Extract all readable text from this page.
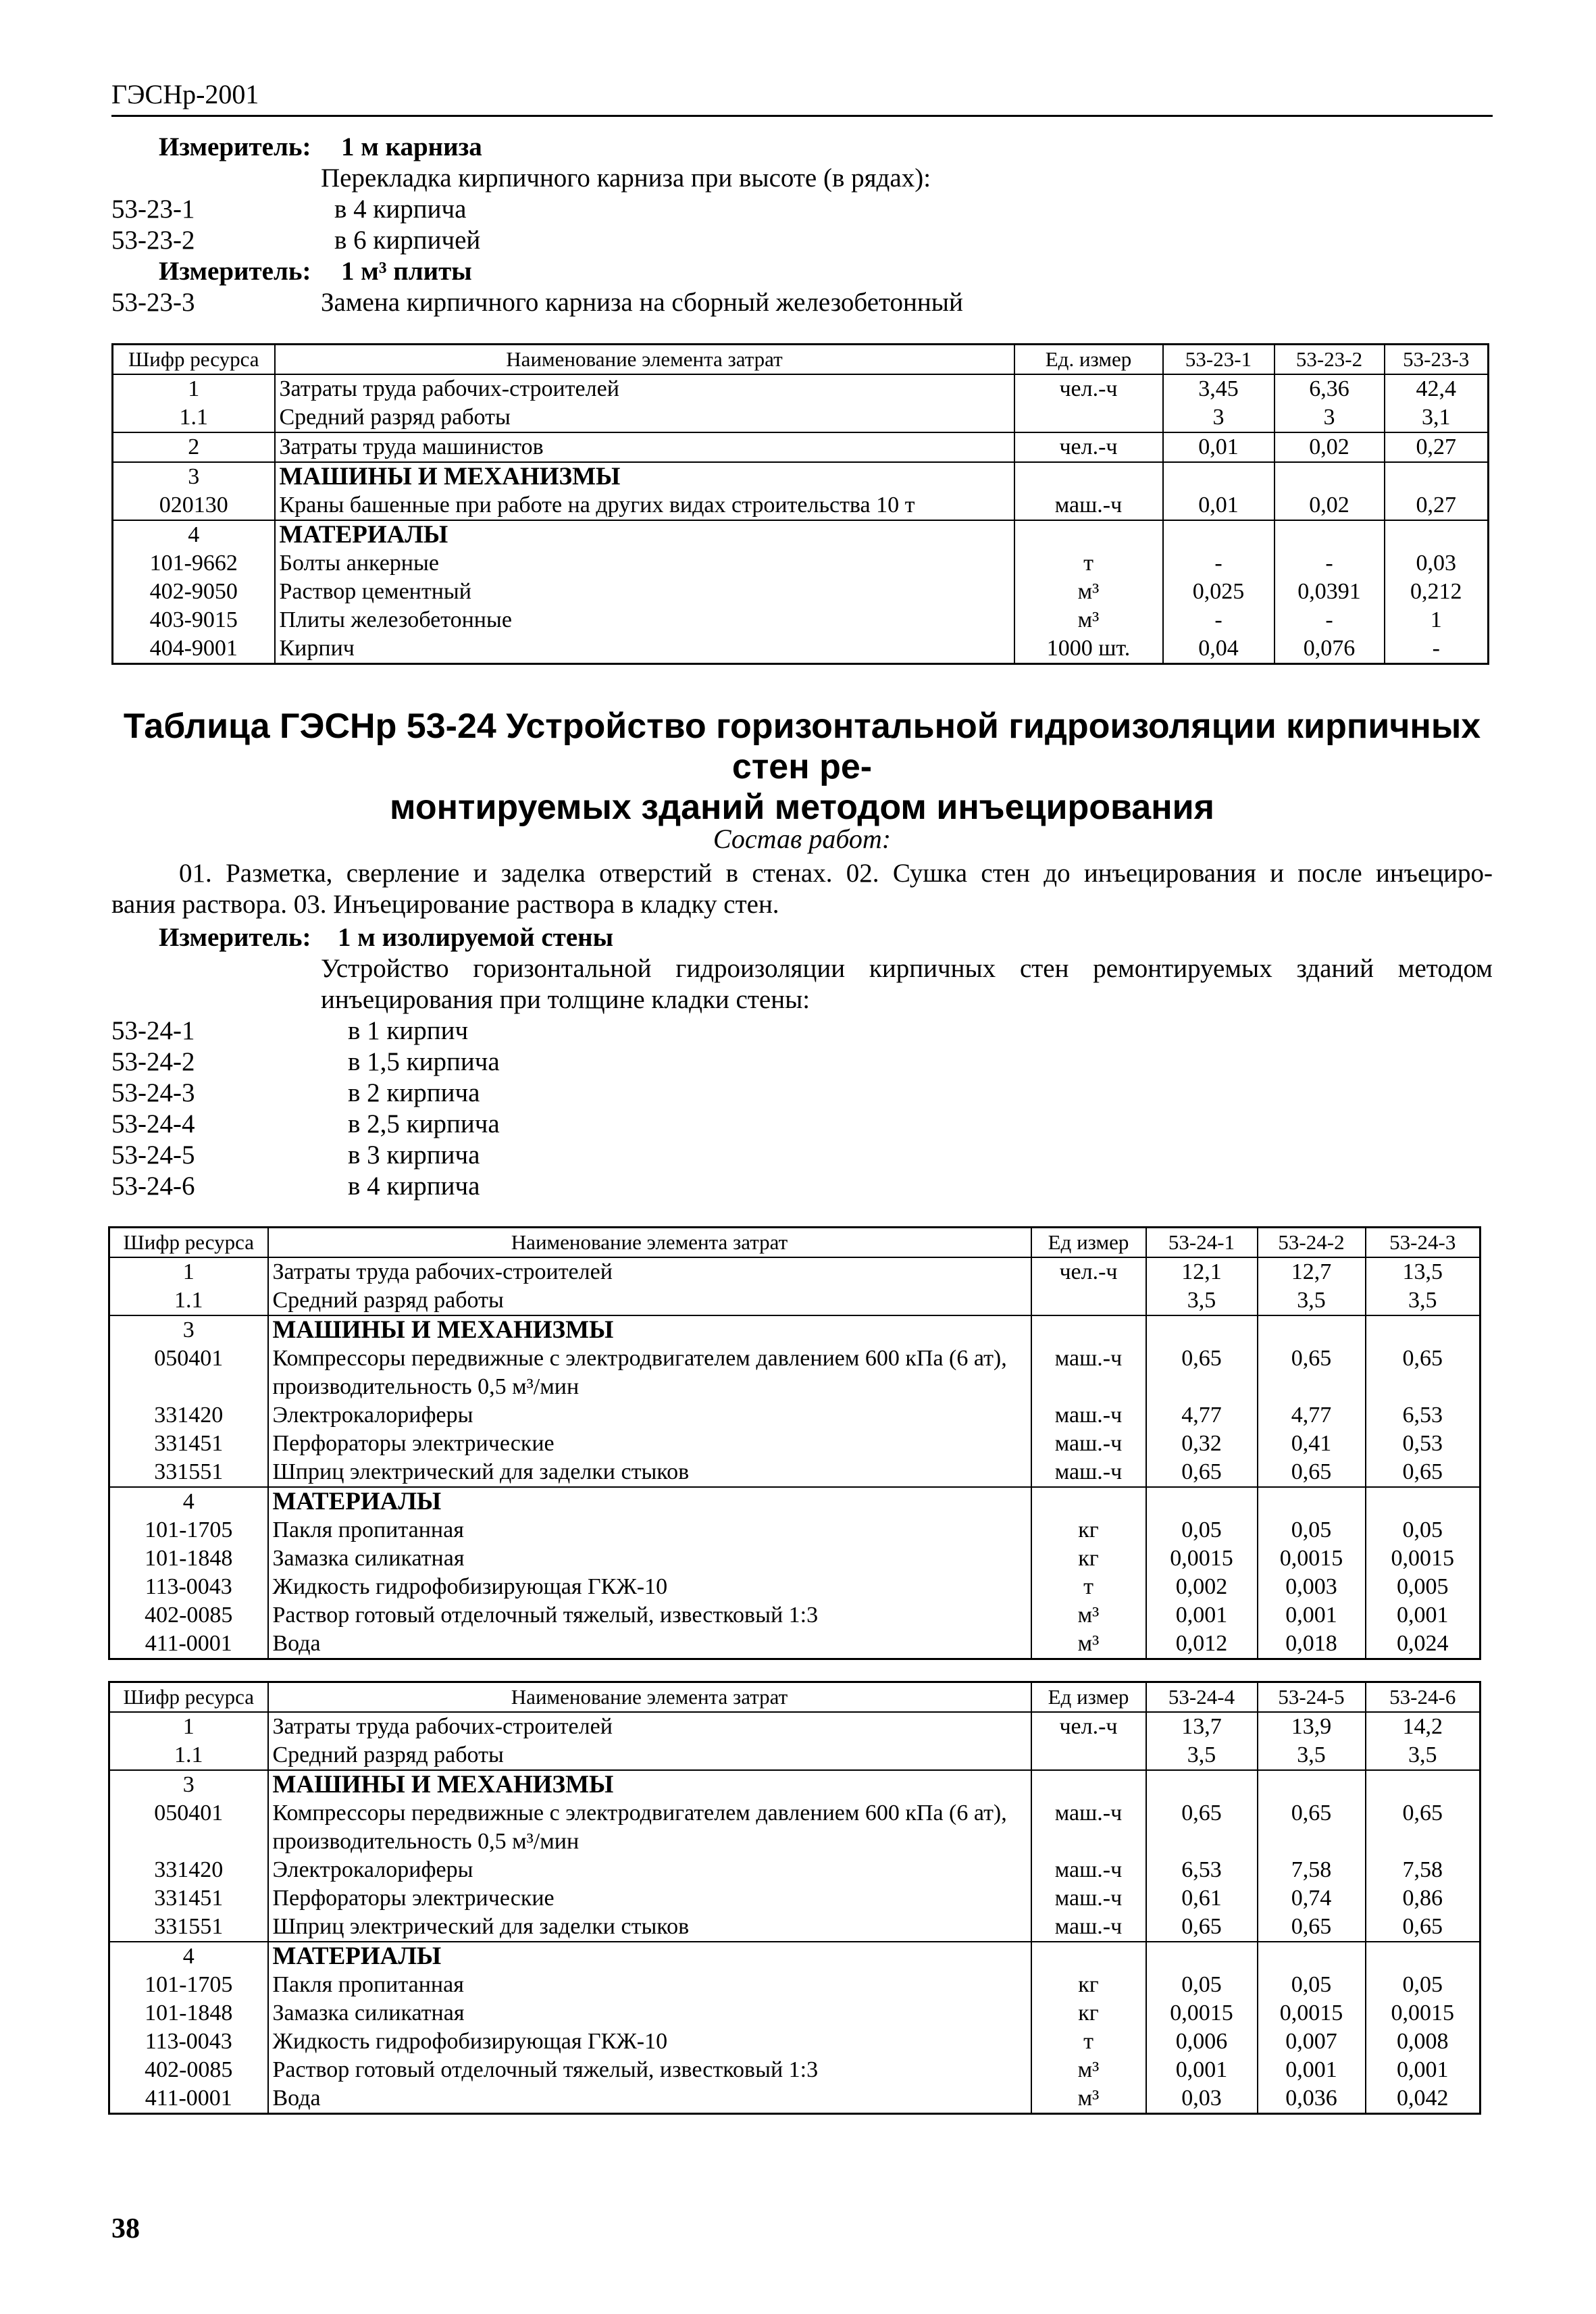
ГЭСНр-2001
Измеритель: 1 м карниза
Перекладка кирпичного карниза при высоте (в рядах):
53-23-1	в 4 кирпича
53-23-2	в 6 кирпичей
Измеритель: 1 м³ плиты
53-23-3	Замена кирпичного карниза на сборный железобетонный
Шифр ресурса	Наименование элемента затрат	Ед. измер	53-23-1	53-23-2	53-23-3
1	Затраты труда рабочих-строителей	чел.-ч	3,45	6,36	42,4
1.1	Средний разряд работы		3	3	3,1
2	Затраты труда машинистов	чел.-ч	0,01	0,02	0,27
3	МАШИНЫ И МЕХАНИЗМЫ				
020130	Краны башенные при работе на других видах строительства 10 т	маш.-ч	0,01	0,02	0,27
4	МАТЕРИАЛЫ				
101-9662	Болты анкерные	т	-	-	0,03
402-9050	Раствор цементный	м³	0,025	0,0391	0,212
403-9015	Плиты железобетонные	м³	-	-	1
404-9001	Кирпич	1000 шт.	0,04	0,076	-
Таблица ГЭСНр 53-24 Устройство горизонтальной гидроизоляции кирпичных стен ре-
монтируемых зданий методом инъецирования
Состав работ:
01. Разметка, сверление и заделка отверстий в стенах. 02. Сушка стен до инъецирования и после инъециро-
вания раствора. 03. Инъецирование раствора в кладку стен.
Измеритель: 1 м изолируемой стены
Устройство горизонтальной гидроизоляции кирпичных стен ремонтируемых зданий методом
инъецирования при толщине кладки стены:
53-24-1	в 1 кирпич
53-24-2	в 1,5 кирпича
53-24-3	в 2 кирпича
53-24-4	в 2,5 кирпича
53-24-5	в 3 кирпича
53-24-6	в 4 кирпича
Шифр ресурса	Наименование элемента затрат	Ед измер	53-24-1	53-24-2	53-24-3
1	Затраты труда рабочих-строителей	чел.-ч	12,1	12,7	13,5
1.1	Средний разряд работы		3,5	3,5	3,5
3	МАШИНЫ И МЕХАНИЗМЫ				
050401	Компрессоры передвижные с электродвигателем давлением 600 кПа (6 ат), производительность 0,5 м³/мин	маш.-ч	0,65	0,65	0,65
331420	Электрокалориферы	маш.-ч	4,77	4,77	6,53
331451	Перфораторы электрические	маш.-ч	0,32	0,41	0,53
331551	Шприц электрический для заделки стыков	маш.-ч	0,65	0,65	0,65
4	МАТЕРИАЛЫ				
101-1705	Пакля пропитанная	кг	0,05	0,05	0,05
101-1848	Замазка силикатная	кг	0,0015	0,0015	0,0015
113-0043	Жидкость гидрофобизирующая ГКЖ-10	т	0,002	0,003	0,005
402-0085	Раствор готовый отделочный тяжелый, известковый 1:3	м³	0,001	0,001	0,001
411-0001	Вода	м³	0,012	0,018	0,024
Шифр ресурса	Наименование элемента затрат	Ед измер	53-24-4	53-24-5	53-24-6
1	Затраты труда рабочих-строителей	чел.-ч	13,7	13,9	14,2
1.1	Средний разряд работы		3,5	3,5	3,5
3	МАШИНЫ И МЕХАНИЗМЫ				
050401	Компрессоры передвижные с электродвигателем давлением 600 кПа (6 ат), производительность 0,5 м³/мин	маш.-ч	0,65	0,65	0,65
331420	Электрокалориферы	маш.-ч	6,53	7,58	7,58
331451	Перфораторы электрические	маш.-ч	0,61	0,74	0,86
331551	Шприц электрический для заделки стыков	маш.-ч	0,65	0,65	0,65
4	МАТЕРИАЛЫ				
101-1705	Пакля пропитанная	кг	0,05	0,05	0,05
101-1848	Замазка силикатная	кг	0,0015	0,0015	0,0015
113-0043	Жидкость гидрофобизирующая ГКЖ-10	т	0,006	0,007	0,008
402-0085	Раствор готовый отделочный тяжелый, известковый 1:3	м³	0,001	0,001	0,001
411-0001	Вода	м³	0,03	0,036	0,042
38
